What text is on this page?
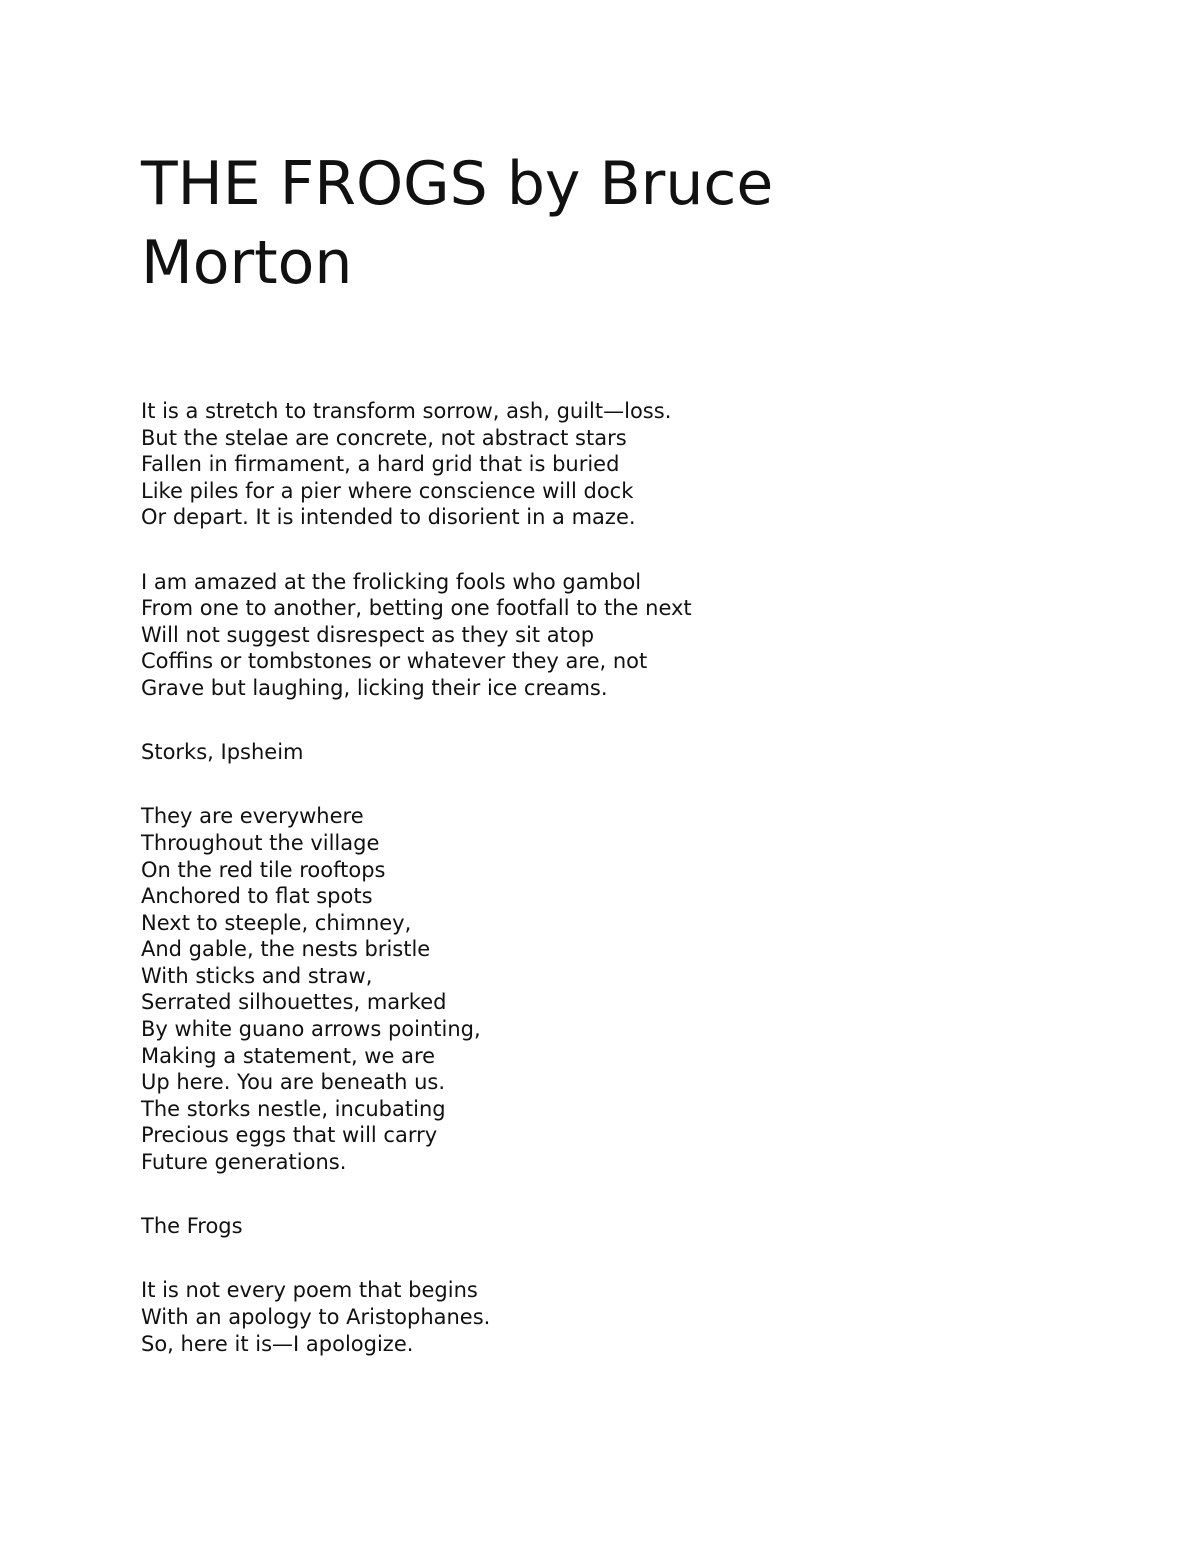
THE FROGS by Bruce Morton
It is a stretch to transform sorrow, ash, guilt—loss.
But the stelae are concrete, not abstract stars
Fallen in firmament, a hard grid that is buried
Like piles for a pier where conscience will dock
Or depart. It is intended to disorient in a maze.
I am amazed at the frolicking fools who gambol
From one to another, betting one footfall to the next
Will not suggest disrespect as they sit atop
Coffins or tombstones or whatever they are, not
Grave but laughing, licking their ice creams.
Storks, Ipsheim
They are everywhere
Throughout the village
On the red tile rooftops
Anchored to flat spots
Next to steeple, chimney,
And gable, the nests bristle
With sticks and straw,
Serrated silhouettes, marked
By white guano arrows pointing,
Making a statement, we are
Up here. You are beneath us.
The storks nestle, incubating
Precious eggs that will carry
Future generations.
The Frogs
It is not every poem that begins
With an apology to Aristophanes.
So, here it is—I apologize.
